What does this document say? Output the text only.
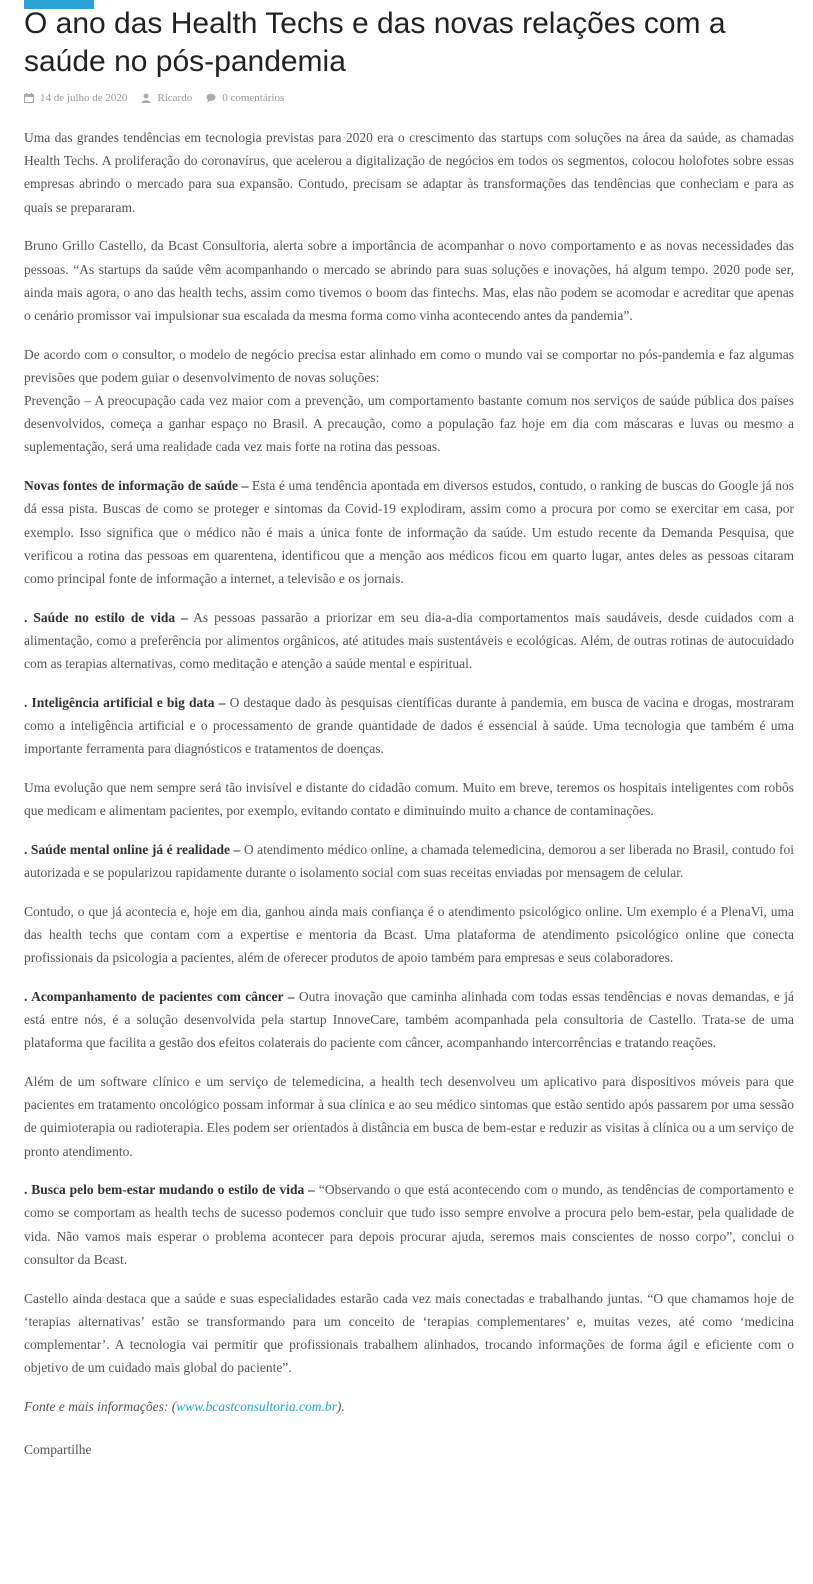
O ano das Health Techs e das novas relações com a saúde no pós-pandemia
14 de julho de 2020	Ricardo	0 comentários

Uma das grandes tendências em tecnologia previstas para 2020 era o crescimento das startups com soluções na área da saúde, as chamadas Health Techs. A proliferação do coronavírus, que acelerou a digitalização de negócios em todos os segmentos, colocou holofotes sobre essas empresas abrindo o mercado para sua expansão. Contudo, precisam se adaptar às transformações das tendências que conheciam e para as quais se prepararam.

Bruno Grillo Castello, da Bcast Consultoria, alerta sobre a importância de acompanhar o novo comportamento e as novas necessidades das pessoas. “As startups da saúde vêm acompanhando o mercado se abrindo para suas soluções e inovações, há algum tempo. 2020 pode ser, ainda mais agora, o ano das health techs, assim como tivemos o boom das fintechs. Mas, elas não podem se acomodar e acreditar que apenas o cenário promissor vai impulsionar sua escalada da mesma forma como vinha acontecendo antes da pandemia”.

De acordo com o consultor, o modelo de negócio precisa estar alinhado em como o mundo vai se comportar no pós-pandemia e faz algumas previsões que podem guiar o desenvolvimento de novas soluções:
Prevenção – A preocupação cada vez maior com a prevenção, um comportamento bastante comum nos serviços de saúde pública dos países desenvolvidos, começa a ganhar espaço no Brasil. A precaução, como a população faz hoje em dia com máscaras e luvas ou mesmo a suplementação, será uma realidade cada vez mais forte na rotina das pessoas.

Novas fontes de informação de saúde – Esta é uma tendência apontada em diversos estudos, contudo, o ranking de buscas do Google já nos dá essa pista. Buscas de como se proteger e sintomas da Covid-19 explodiram, assim como a procura por como se exercitar em casa, por exemplo. Isso significa que o médico não é mais a única fonte de informação da saúde. Um estudo recente da Demanda Pesquisa, que verificou a rotina das pessoas em quarentena, identificou que a menção aos médicos ficou em quarto lugar, antes deles as pessoas citaram como principal fonte de informação a internet, a televisão e os jornais.

. Saúde no estilo de vida – As pessoas passarão a priorizar em seu dia-a-dia comportamentos mais saudáveis, desde cuidados com a alimentação, como a preferência por alimentos orgânicos, até atitudes mais sustentáveis e ecológicas. Além, de outras rotinas de autocuidado com as terapias alternativas, como meditação e atenção a saúde mental e espiritual.

. Inteligência artificial e big data – O destaque dado às pesquisas científicas durante à pandemia, em busca de vacina e drogas, mostraram como a inteligência artificial e o processamento de grande quantidade de dados é essencial à saúde. Uma tecnologia que também é uma importante ferramenta para diagnósticos e tratamentos de doenças.

Uma evolução que nem sempre será tão invisível e distante do cidadão comum. Muito em breve, teremos os hospitais inteligentes com robôs que medicam e alimentam pacientes, por exemplo, evitando contato e diminuindo muito a chance de contaminações.

. Saúde mental online já é realidade – O atendimento médico online, a chamada telemedicina, demorou a ser liberada no Brasil, contudo foi autorizada e se popularizou rapidamente durante o isolamento social com suas receitas enviadas por mensagem de celular.

Contudo, o que já acontecia e, hoje em dia, ganhou ainda mais confiança é o atendimento psicológico online. Um exemplo é a PlenaVi, uma das health techs que contam com a expertise e mentoria da Bcast. Uma plataforma de atendimento psicológico online que conecta profissionais da psicologia a pacientes, além de oferecer produtos de apoio também para empresas e seus colaboradores.

. Acompanhamento de pacientes com câncer – Outra inovação que caminha alinhada com todas essas tendências e novas demandas, e já está entre nós, é a solução desenvolvida pela startup InnoveCare, também acompanhada pela consultoria de Castello. Trata-se de uma plataforma que facilita a gestão dos efeitos colaterais do paciente com câncer, acompanhando intercorrências e tratando reações.

Além de um software clínico e um serviço de telemedicina, a health tech desenvolveu um aplicativo para dispositivos móveis para que pacientes em tratamento oncológico possam informar à sua clínica e ao seu médico sintomas que estão sentido após passarem por uma sessão de quimioterapia ou radioterapia. Eles podem ser orientados à distância em busca de bem-estar e reduzir as visitas à clínica ou a um serviço de pronto atendimento.

. Busca pelo bem-estar mudando o estilo de vida – “Observando o que está acontecendo com o mundo, as tendências de comportamento e como se comportam as health techs de sucesso podemos concluir que tudo isso sempre envolve a procura pelo bem-estar, pela qualidade de vida. Não vamos mais esperar o problema acontecer para depois procurar ajuda, seremos mais conscientes de nosso corpo”, conclui o consultor da Bcast.

Castello ainda destaca que a saúde e suas especialidades estarão cada vez mais conectadas e trabalhando juntas. “O que chamamos hoje de ‘terapias alternativas’ estão se transformando para um conceito de ‘terapias complementares’ e, muitas vezes, até como ‘medicina complementar’. A tecnologia vai permitir que profissionais trabalhem alinhados, trocando informações de forma ágil e eficiente com o objetivo de um cuidado mais global do paciente”.

Fonte e mais informações: (www.bcastconsultoria.com.br).

Compartilhe
